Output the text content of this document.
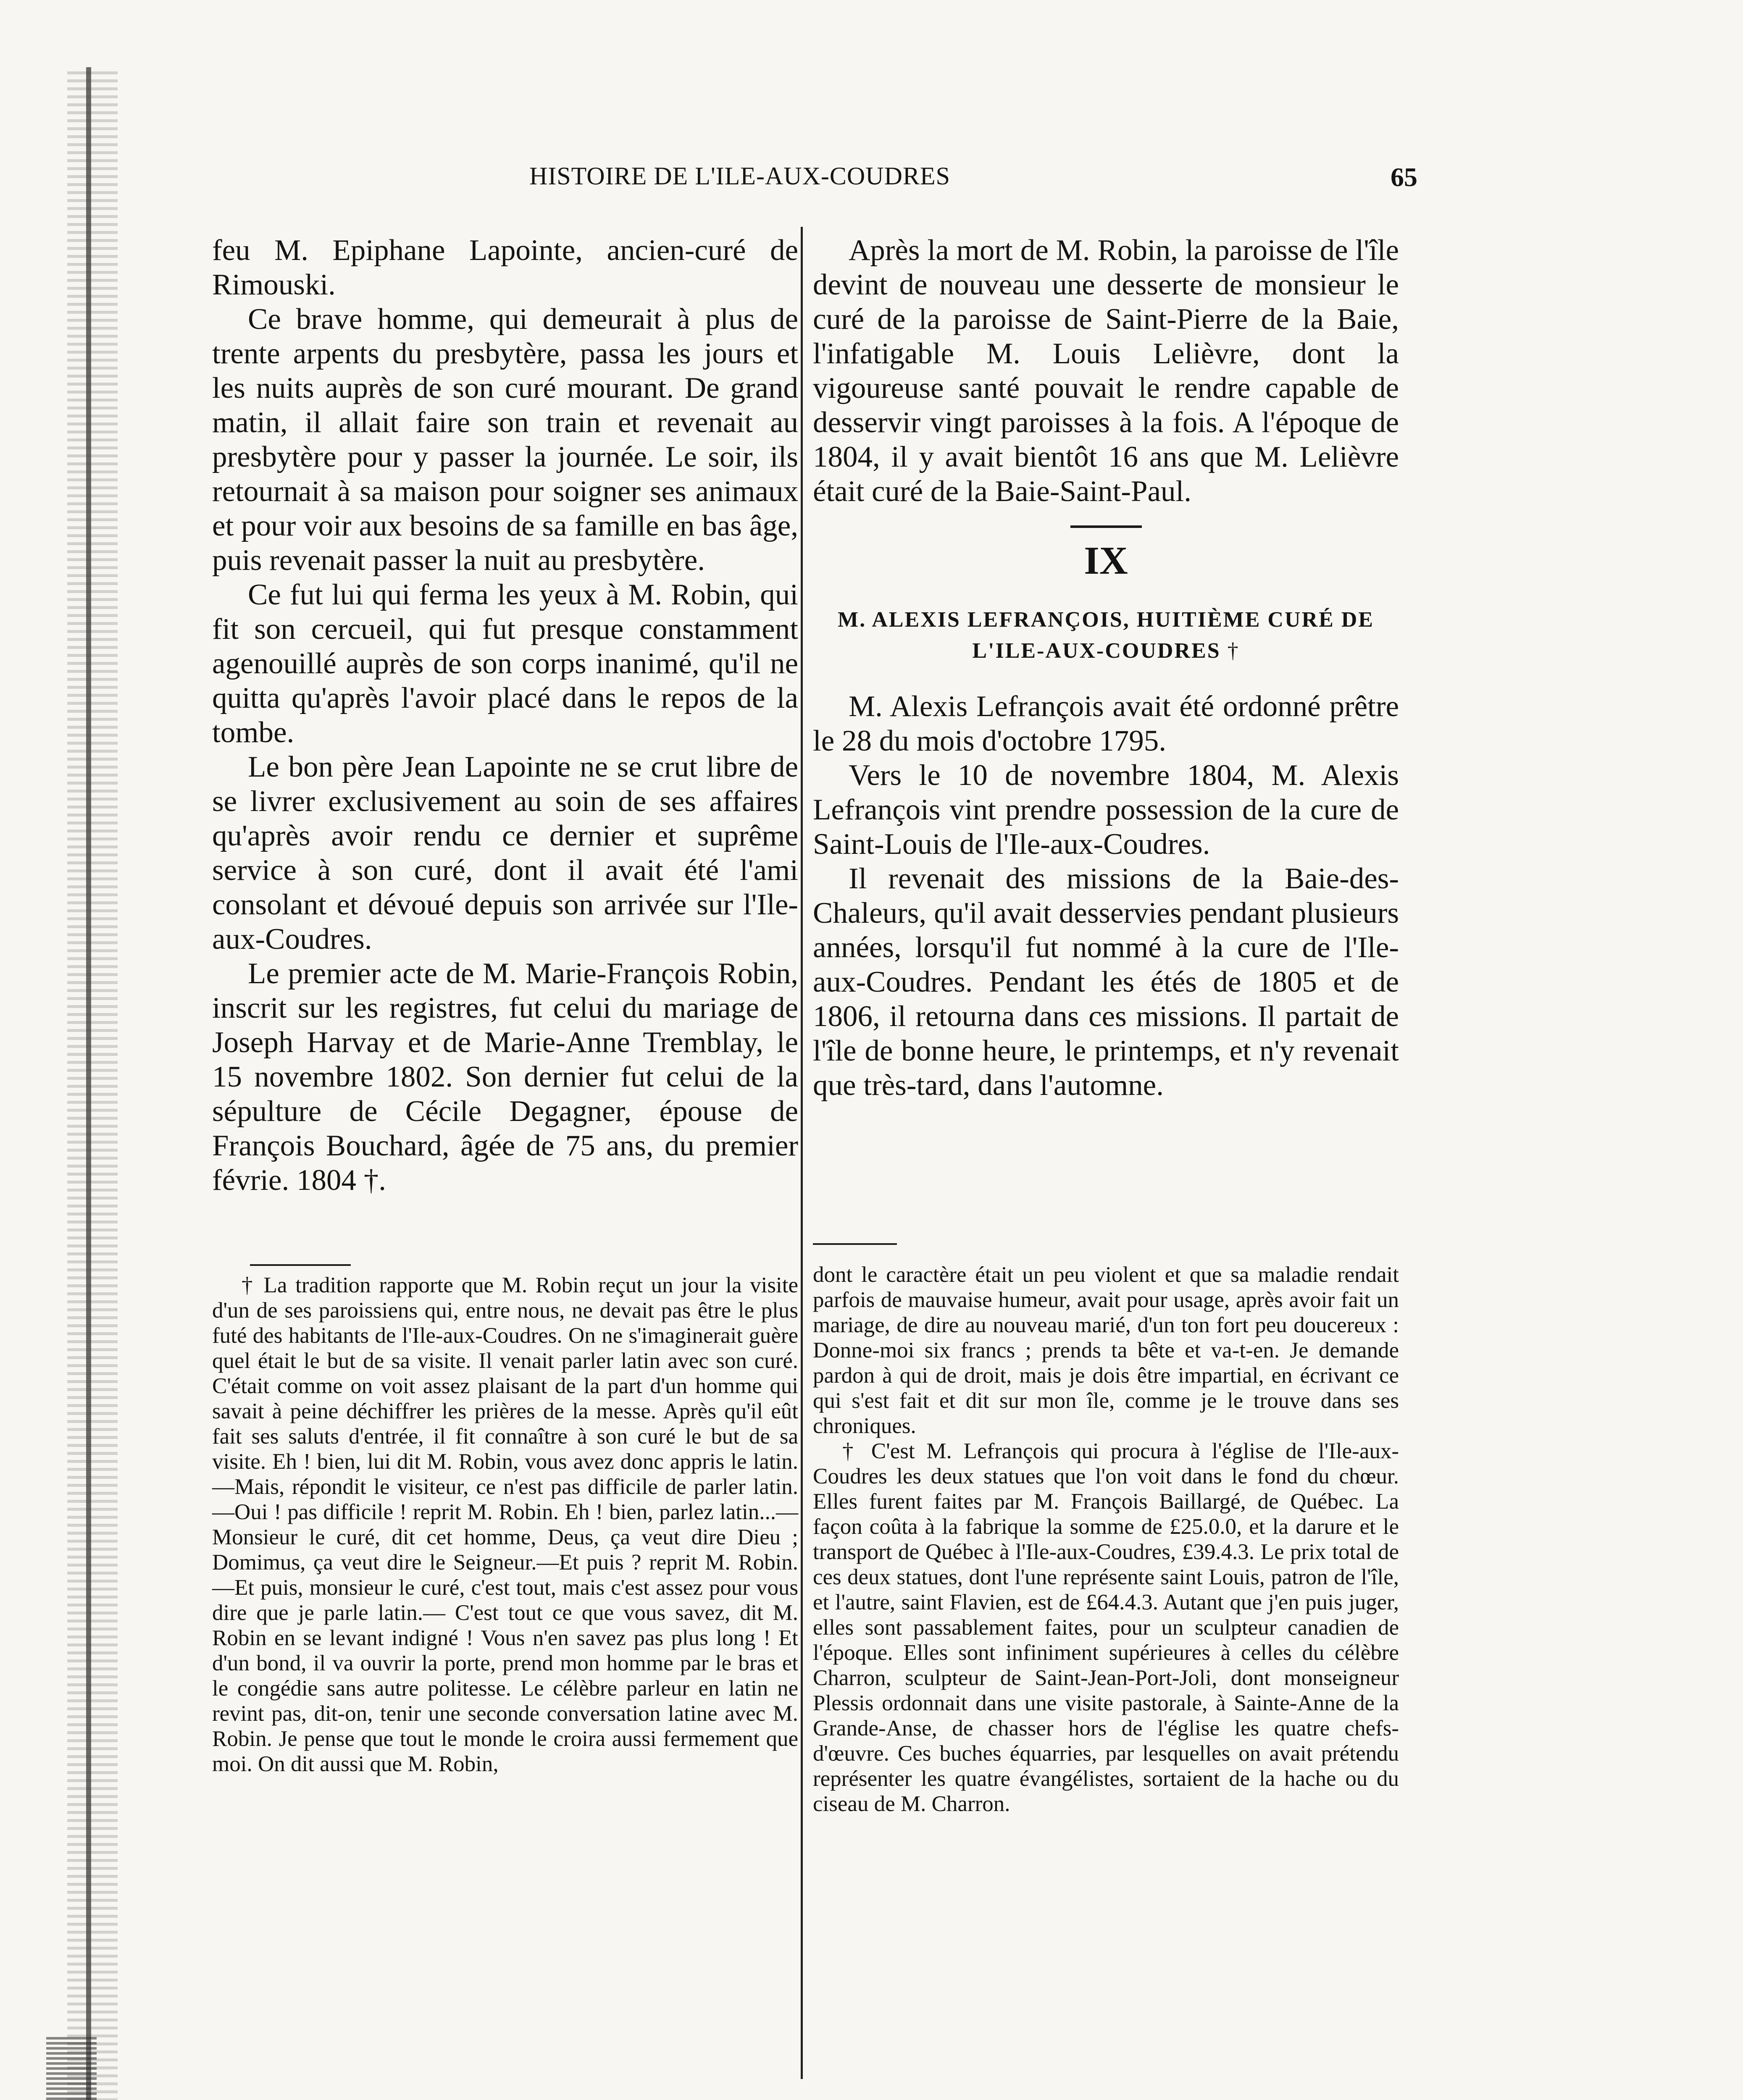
HISTOIRE DE L'ILE-AUX-COUDRES	65

feu M. Epiphane Lapointe, ancien-curé de Rimouski.

Ce brave homme, qui demeurait à plus de trente arpents du presbytère, passa les jours et les nuits auprès de son curé mourant. De grand matin, il allait faire son train et revenait au presbytère pour y passer la journée. Le soir, ils retournait à sa maison pour soigner ses animaux et pour voir aux besoins de sa famille en bas âge, puis revenait passer la nuit au presbytère.

Ce fut lui qui ferma les yeux à M. Robin, qui fit son cercueil, qui fut presque constamment agenouillé auprès de son corps inanimé, qu'il ne quitta qu'après l'avoir placé dans le repos de la tombe.

Le bon père Jean Lapointe ne se crut libre de se livrer exclusivement au soin de ses affaires qu'après avoir rendu ce dernier et suprême service à son curé, dont il avait été l'ami consolant et dévoué depuis son arrivée sur l'Ile-aux-Coudres.

Le premier acte de M. Marie-François Robin, inscrit sur les registres, fut celui du mariage de Joseph Harvay et de Marie-Anne Tremblay, le 15 novembre 1802. Son dernier fut celui de la sépulture de Cécile Degagner, épouse de François Bouchard, âgée de 75 ans, du premier févrie. 1804 †.

Après la mort de M. Robin, la paroisse de l'île devint de nouveau une desserte de monsieur le curé de la paroisse de Saint-Pierre de la Baie, l'infatigable M. Louis Lelièvre, dont la vigoureuse santé pouvait le rendre capable de desservir vingt paroisses à la fois. A l'époque de 1804, il y avait bientôt 16 ans que M. Lelièvre était curé de la Baie-Saint-Paul.

IX
M. ALEXIS LEFRANÇOIS, HUITIÈME CURÉ DE
L'ILE-AUX-COUDRES †

M. Alexis Lefrançois avait été ordonné prêtre le 28 du mois d'octobre 1795.

Vers le 10 de novembre 1804, M. Alexis Lefrançois vint prendre possession de la cure de Saint-Louis de l'Ile-aux-Coudres.

Il revenait des missions de la Baie-des-Chaleurs, qu'il avait desservies pendant plusieurs années, lorsqu'il fut nommé à la cure de l'Ile-aux-Coudres. Pendant les étés de 1805 et de 1806, il retourna dans ces missions. Il partait de l'île de bonne heure, le printemps, et n'y revenait que très-tard, dans l'automne.

† La tradition rapporte que M. Robin reçut un jour la visite d'un de ses paroissiens qui, entre nous, ne devait pas être le plus futé des habitants de l'Ile-aux-Coudres. On ne s'imaginerait guère quel était le but de sa visite. Il venait parler latin avec son curé. C'était comme on voit assez plaisant de la part d'un homme qui savait à peine déchiffrer les prières de la messe. Après qu'il eût fait ses saluts d'entrée, il fit connaître à son curé le but de sa visite. Eh ! bien, lui dit M. Robin, vous avez donc appris le latin.—Mais, répondit le visiteur, ce n'est pas difficile de parler latin.—Oui ! pas difficile ! reprit M. Robin. Eh ! bien, parlez latin...—Monsieur le curé, dit cet homme, Deus, ça veut dire Dieu ; Domimus, ça veut dire le Seigneur.—Et puis ? reprit M. Robin.—Et puis, monsieur le curé, c'est tout, mais c'est assez pour vous dire que je parle latin.— C'est tout ce que vous savez, dit M. Robin en se levant indigné ! Vous n'en savez pas plus long ! Et d'un bond, il va ouvrir la porte, prend mon homme par le bras et le congédie sans autre politesse. Le célèbre parleur en latin ne revint pas, dit-on, tenir une seconde conversation latine avec M. Robin. Je pense que tout le monde le croira aussi fermement que moi. On dit aussi que M. Robin,

dont le caractère était un peu violent et que sa maladie rendait parfois de mauvaise humeur, avait pour usage, après avoir fait un mariage, de dire au nouveau marié, d'un ton fort peu doucereux : Donne-moi six francs ; prends ta bête et va-t-en. Je demande pardon à qui de droit, mais je dois être impartial, en écrivant ce qui s'est fait et dit sur mon île, comme je le trouve dans ses chroniques.

† C'est M. Lefrançois qui procura à l'église de l'Ile-aux-Coudres les deux statues que l'on voit dans le fond du chœur. Elles furent faites par M. François Baillargé, de Québec. La façon coûta à la fabrique la somme de £25.0.0, et la darure et le transport de Québec à l'Ile-aux-Coudres, £39.4.3. Le prix total de ces deux statues, dont l'une représente saint Louis, patron de l'île, et l'autre, saint Flavien, est de £64.4.3. Autant que j'en puis juger, elles sont passablement faites, pour un sculpteur canadien de l'époque. Elles sont infiniment supérieures à celles du célèbre Charron, sculpteur de Saint-Jean-Port-Joli, dont monseigneur Plessis ordonnait dans une visite pastorale, à Sainte-Anne de la Grande-Anse, de chasser hors de l'église les quatre chefs-d'œuvre. Ces buches équarries, par lesquelles on avait prétendu représenter les quatre évangélistes, sortaient de la hache ou du ciseau de M. Charron.
